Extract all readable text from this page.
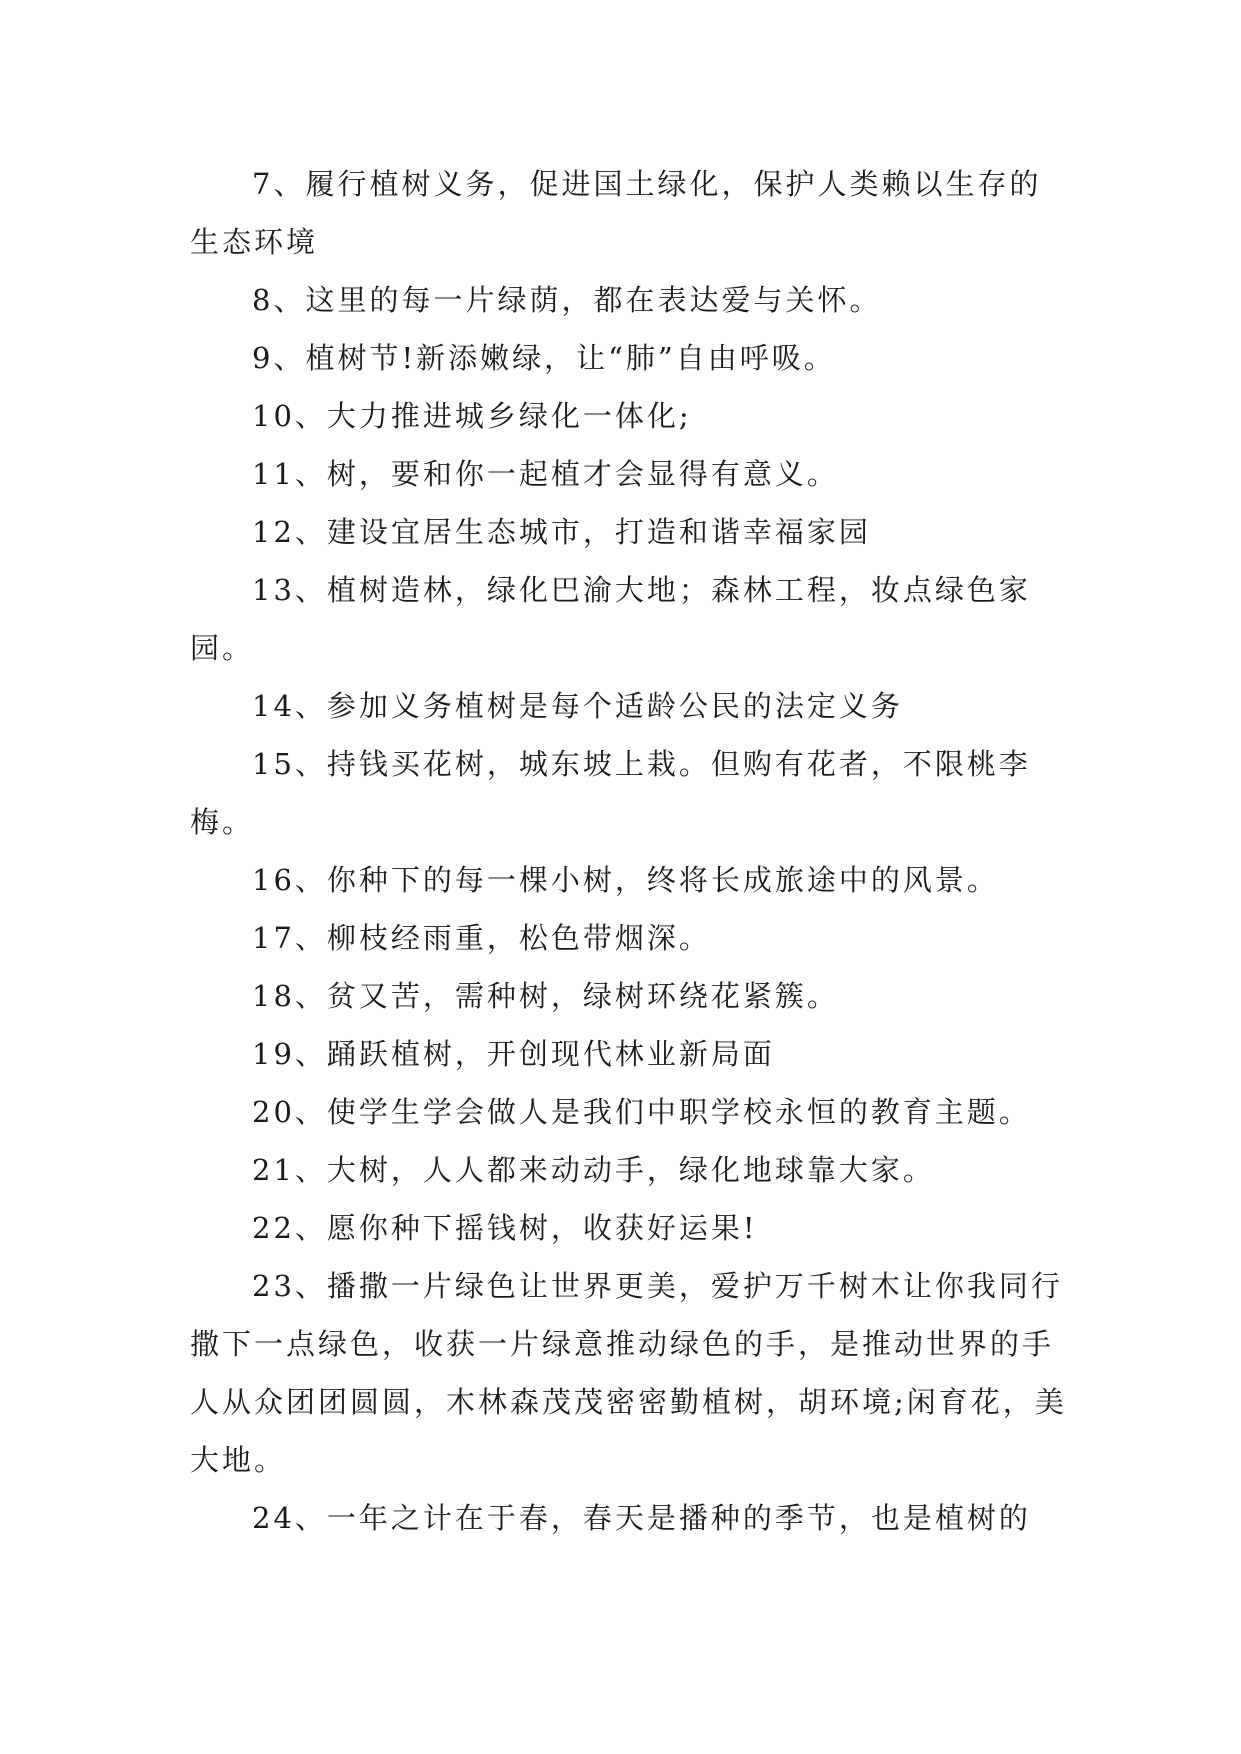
7、履行植树义务，促进国土绿化，保护人类赖以生存的生态环境

8、这里的每一片绿荫，都在表达爱与关怀。

9、植树节!新添嫩绿，让“肺”自由呼吸。

10、大力推进城乡绿化一体化;

11、树，要和你一起植才会显得有意义。

12、建设宜居生态城市，打造和谐幸福家园

13、植树造林，绿化巴渝大地；森林工程，妆点绿色家园。

14、参加义务植树是每个适龄公民的法定义务

15、持钱买花树，城东坡上栽。但购有花者，不限桃李梅。

16、你种下的每一棵小树，终将长成旅途中的风景。

17、柳枝经雨重，松色带烟深。

18、贫又苦，需种树，绿树环绕花紧簇。

19、踊跃植树，开创现代林业新局面

20、使学生学会做人是我们中职学校永恒的教育主题。

21、大树，人人都来动动手，绿化地球靠大家。

22、愿你种下摇钱树，收获好运果!

23、播撒一片绿色让世界更美，爱护万千树木让你我同行撒下一点绿色，收获一片绿意推动绿色的手，是推动世界的手人从众团团圆圆，木林森茂茂密密勤植树，胡环境;闲育花，美大地。

24、一年之计在于春，春天是播种的季节，也是植树的
